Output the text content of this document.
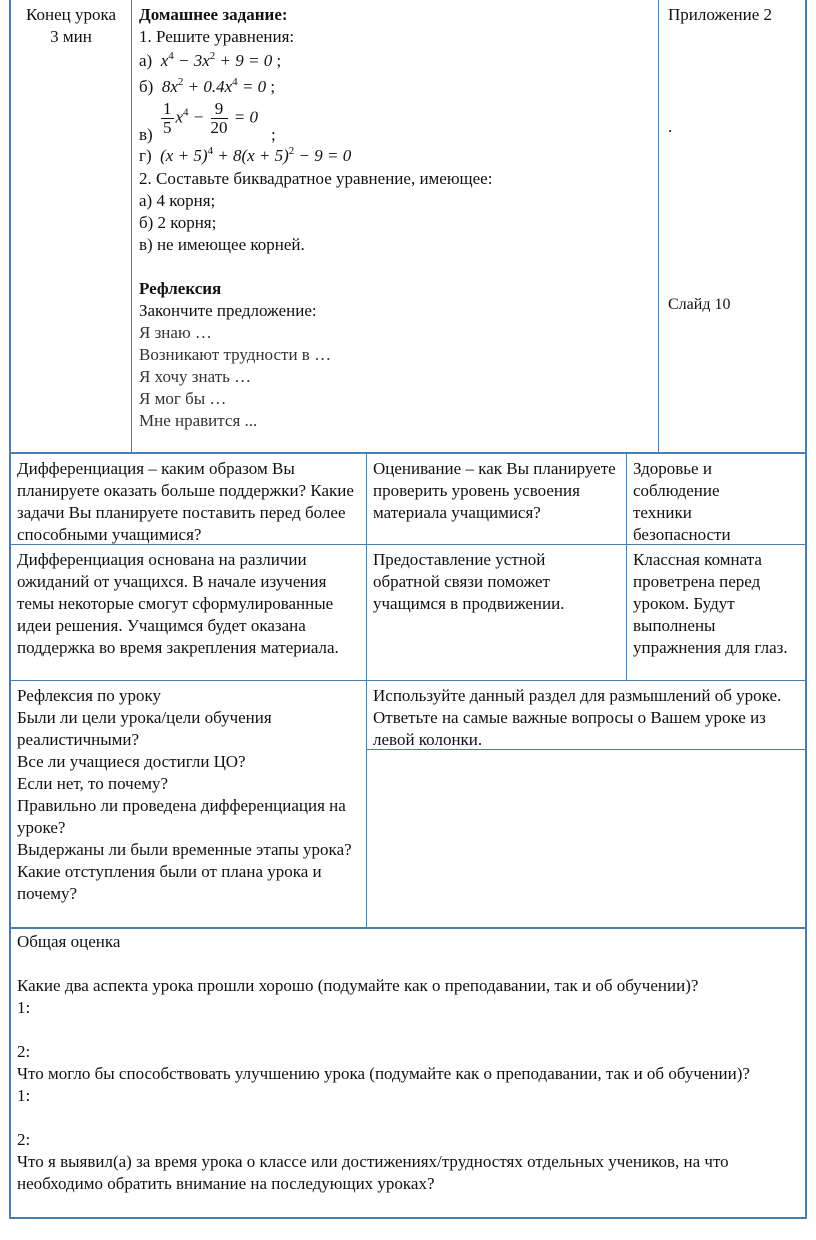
Конец урока
3 мин
Домашнее задание:
1. Решите уравнения:
а)  $x^4 - 3x^2 + 9 = 0$ ;
б)  $8x^2 + 0.4x^4 = 0$ ;
$в) \frac{1}{5} x^4 - \frac{9}{20} = 0$
;
г)  $(x + 5)^4 + 8(x + 5)^2 - 9 = 0$
2. Составьте биквадратное уравнение, имеющее:
а) 4 корня;
б) 2 корня;
в) не имеющее корней.
Рефлексия
Закончите предложение:
Я знаю …
Возникают трудности в …
Я хочу знать …
Я мог бы …
Мне нравится ...
Приложение 2
.
Слайд 10
Дифференциация – каким образом Вы планируете оказать больше поддержки? Какие задачи Вы планируете поставить перед более способными учащимися?
Оценивание – как Вы планируете проверить уровень усвоения материала учащимися?
Здоровье и соблюдение техники безопасности
Дифференциация основана на различии ожиданий от учащихся. В начале изучения темы некоторые смогут сформулированные идеи решения. Учащимся будет оказана поддержка во время закрепления материала.
Предоставление устной обратной связи поможет учащимся в продвижении.
Классная комната проветрена перед уроком. Будут выполнены упражнения для глаз.
Рефлексия по уроку
Были ли цели урока/цели обучения реалистичными?
Все ли учащиеся достигли ЦО?
Если нет, то почему?
Правильно ли проведена дифференциация на уроке?
Выдержаны ли были временные этапы урока?
Какие отступления были от плана урока и почему?
Используйте данный раздел для размышлений об уроке. Ответьте на самые важные вопросы о Вашем уроке из левой колонки.
Общая оценка
Какие два аспекта урока прошли хорошо (подумайте как о преподавании, так и об обучении)?
1:
2:
Что могло бы способствовать улучшению урока (подумайте как о преподавании, так и об обучении)?
1:
2:
Что я выявил(а) за время урока о классе или достижениях/трудностях отдельных учеников, на что необходимо обратить внимание на последующих уроках?
